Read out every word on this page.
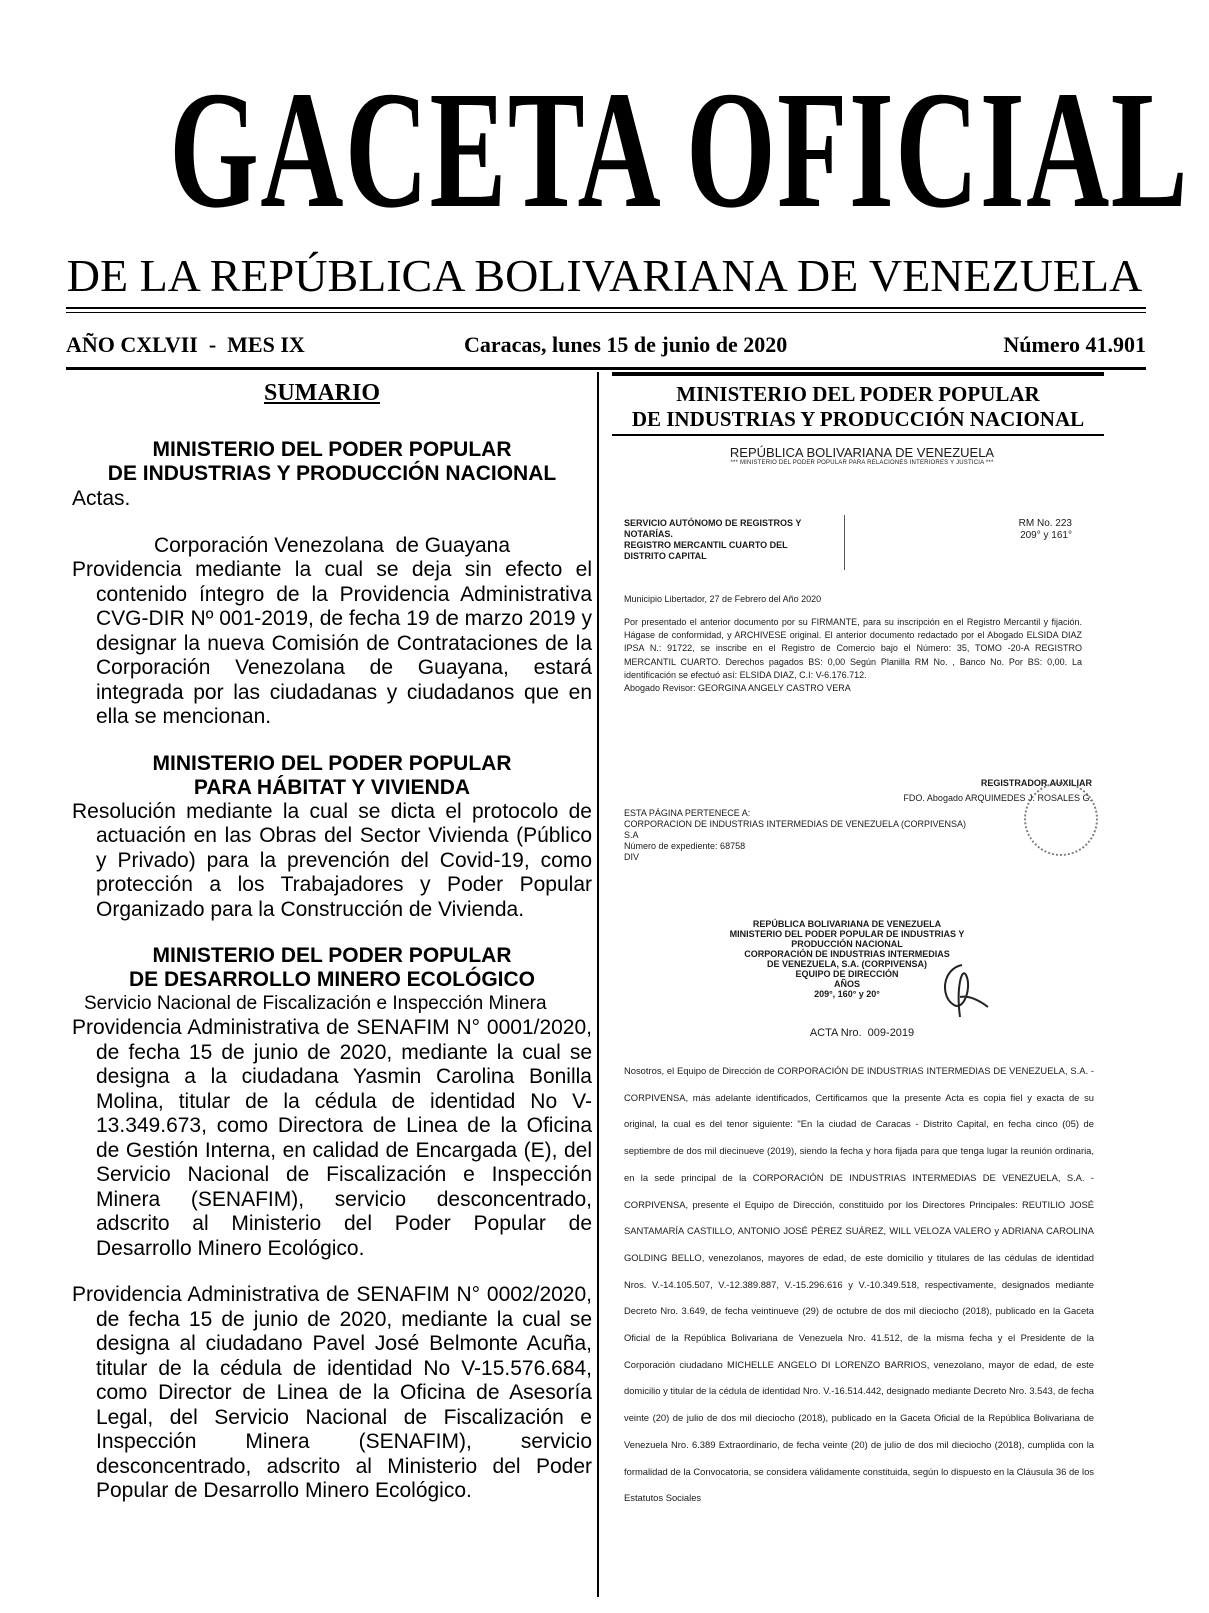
GACETA OFICIAL
DE LA REPÚBLICA BOLIVARIANA DE VENEZUELA
AÑO CXLVII  -  MES IX	Caracas, lunes 15 de junio de 2020	Número 41.901
SUMARIO
MINISTERIO DEL PODER POPULAR
DE INDUSTRIAS Y PRODUCCIÓN NACIONAL
Actas.
Corporación Venezolana  de Guayana
Providencia mediante la cual se deja sin efecto el contenido íntegro de la Providencia Administrativa CVG-DIR Nº 001-2019, de fecha 19 de marzo 2019 y designar la nueva Comisión de Contrataciones de la Corporación Venezolana de Guayana, estará integrada por las ciudadanas y ciudadanos que en ella se mencionan.
MINISTERIO DEL PODER POPULAR
PARA HÁBITAT Y VIVIENDA
Resolución mediante la cual se dicta el protocolo de actuación en las Obras del Sector Vivienda (Público y Privado) para la prevención del Covid-19, como protección a los Trabajadores y Poder Popular Organizado para la Construcción de Vivienda.
MINISTERIO DEL PODER POPULAR
DE DESARROLLO MINERO ECOLÓGICO
Servicio Nacional de Fiscalización e Inspección Minera
Providencia Administrativa de SENAFIM N° 0001/2020, de fecha 15 de junio de 2020, mediante la cual se designa a la ciudadana Yasmin Carolina Bonilla Molina, titular de la cédula de identidad No V-13.349.673, como Directora de Linea de la Oficina de Gestión Interna, en calidad de Encargada (E), del Servicio Nacional de Fiscalización e Inspección Minera (SENAFIM), servicio desconcentrado, adscrito al Ministerio del Poder Popular de Desarrollo Minero Ecológico.
Providencia Administrativa de SENAFIM N° 0002/2020, de fecha 15 de junio de 2020, mediante la cual se designa al ciudadano Pavel José Belmonte Acuña, titular de la cédula de identidad No V-15.576.684, como Director de Linea de la Oficina de Asesoría Legal, del Servicio Nacional de Fiscalización e Inspección Minera (SENAFIM), servicio desconcentrado, adscrito al Ministerio del Poder Popular de Desarrollo Minero Ecológico.
MINISTERIO DEL PODER POPULAR
DE INDUSTRIAS Y PRODUCCIÓN NACIONAL
REPÚBLICA BOLIVARIANA DE VENEZUELA
*** MINISTERIO DEL PODER POPULAR PARA RELACIONES INTERIORES Y JUSTICIA ***
SERVICIO AUTÓNOMO DE REGISTROS Y
NOTARÍAS.
REGISTRO MERCANTIL CUARTO DEL
DISTRITO CAPITAL
RM No. 223
209° y 161°
Municipio Libertador, 27 de Febrero del Año 2020
Por presentado el anterior documento por su FIRMANTE, para su inscripción en el Registro Mercantil y fijación. Hágase de conformidad, y ARCHIVESE original. El anterior documento redactado por el Abogado ELSIDA DIAZ IPSA N.: 91722, se inscribe en el Registro de Comercio bajo el Número: 35, TOMO -20-A REGISTRO MERCANTIL CUARTO. Derechos pagados BS: 0,00 Según Planilla RM No. , Banco No. Por BS: 0,00. La identificación se efectuó así: ELSIDA DIAZ, C.I: V-6.176.712.
Abogado Revisor: GEORGINA ANGELY CASTRO VERA
REGISTRADOR AUXILIAR
FDO. Abogado ARQUIMEDES J. ROSALES G.
ESTA PÁGINA PERTENECE A:
CORPORACION DE INDUSTRIAS INTERMEDIAS DE VENEZUELA (CORPIVENSA)
S.A
Número de expediente: 68758
DIV
REPÚBLICA BOLIVARIANA DE VENEZUELA
MINISTERIO DEL PODER POPULAR DE INDUSTRIAS Y
PRODUCCIÓN NACIONAL
CORPORACIÓN DE INDUSTRIAS INTERMEDIAS
DE VENEZUELA, S.A. (CORPIVENSA)
EQUIPO DE DIRECCIÓN
AÑOS
209°, 160° y 20°
ACTA Nro.  009-2019
Nosotros, el Equipo de Dirección de CORPORACIÓN DE INDUSTRIAS INTERMEDIAS DE VENEZUELA, S.A. -CORPIVENSA, más adelante identificados, Certificamos que la presente Acta es copia fiel y exacta de su original, la cual es del tenor siguiente: "En la ciudad de Caracas - Distrito Capital, en fecha cinco (05) de septiembre de dos mil diecinueve (2019), siendo la fecha y hora fijada para que tenga lugar la reunión ordinaria, en la sede principal de la CORPORACIÓN DE INDUSTRIAS INTERMEDIAS DE VENEZUELA, S.A. -CORPIVENSA, presente el Equipo de Dirección, constituido por los Directores Principales: REUTILIO JOSÉ SANTAMARÍA CASTILLO, ANTONIO JOSÉ PÉREZ SUÁREZ, WILL VELOZA VALERO y ADRIANA CAROLINA GOLDING BELLO, venezolanos, mayores de edad, de este domicilio y titulares de las cédulas de identidad Nros. V.-14.105.507, V.-12.389.887, V.-15.296.616 y V.-10.349.518, respectivamente, designados mediante Decreto Nro. 3.649, de fecha veintinueve (29) de octubre de dos mil dieciocho (2018), publicado en la Gaceta Oficial de la República Bolivariana de Venezuela Nro. 41.512, de la misma fecha y el Presidente de la Corporación ciudadano MICHELLE ANGELO DI LORENZO BARRIOS, venezolano, mayor de edad, de este domicilio y titular de la cédula de identidad Nro. V.-16.514.442, designado mediante Decreto Nro. 3.543, de fecha veinte (20) de julio de dos mil dieciocho (2018), publicado en la Gaceta Oficial de la República Bolivariana de Venezuela Nro. 6.389 Extraordinario, de fecha veinte (20) de julio de dos mil dieciocho (2018), cumplida con la formalidad de la Convocatoria, se considera válidamente constituida, según lo dispuesto en la Cláusula 36 de los Estatutos Sociales
